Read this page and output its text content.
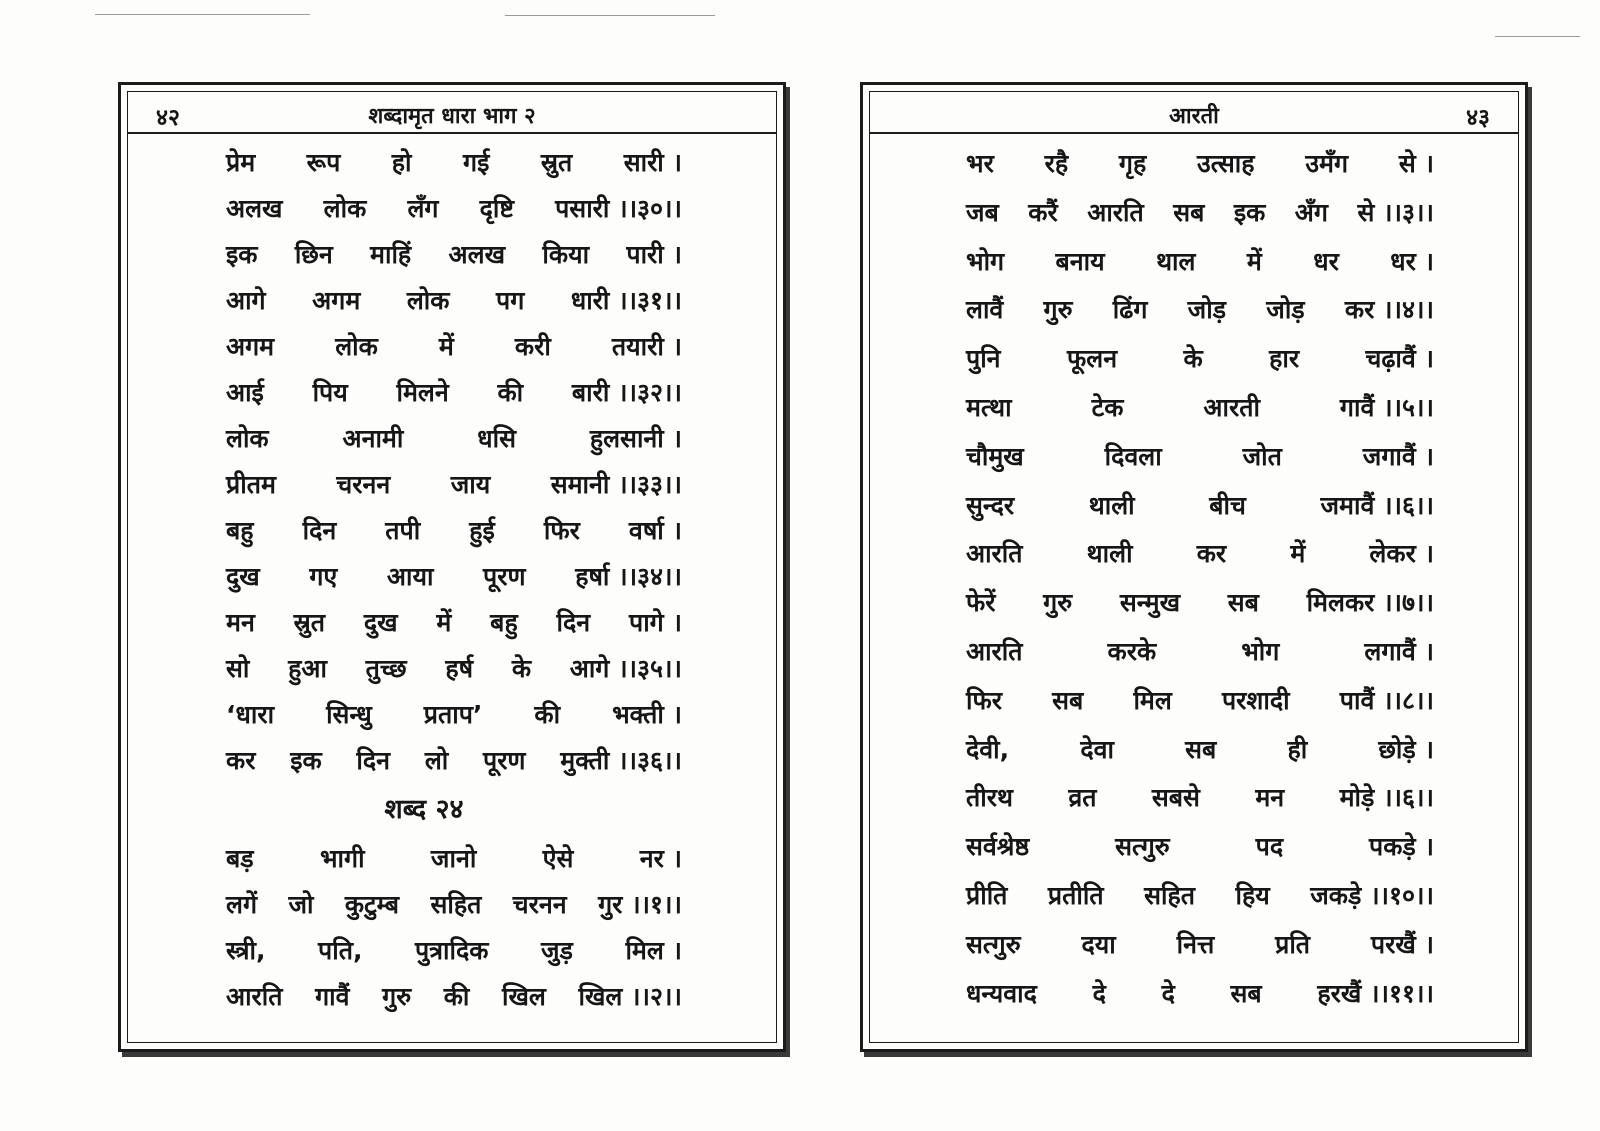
४२	शब्दामृत धारा भाग २
प्रेम रूप हो गई स्रुत सारी ।
अलख लोक लँग दृष्टि पसारी ।।३०।।
इक छिन माहिं अलख किया पारी ।
आगे अगम लोक पग धारी ।।३१।।
अगम लोक में करी तयारी ।
आई पिय मिलने की बारी ।।३२।।
लोक	अनामी	धसि	हुलसानी ।
प्रीतम चरनन जाय समानी ।।३३।।
बहु दिन तपी हुई फिर वर्षा ।
दुख गए आया पूरण हर्षा ।।३४।।
मन स्रुत दुख में बहु दिन पागे ।
सो हुआ तुच्छ हर्ष के आगे ।।३५।।
‘धारा सिन्धु प्रताप’ की भक्ती ।
कर इक दिन लो पूरण मुक्ती ।।३६।।
शब्द २४
बड़	भागी	जानो	ऐसे	नर ।
लगें जो कुटुम्ब सहित चरनन गुर ।।१।।
स्त्री, पति, पुत्रादिक जुड़ मिल ।
आरति गावैं गुरु की खिल खिल ।।२।।
आरती	४३
भर रहै गृह उत्साह उमँग से ।
जब करैं आरति सब इक अँग से ।।३।।
भोग बनाय थाल में धर धर ।
लावैं गुरु ढिंग जोड़ जोड़ कर ।।४।।
पुनि	फूलन	के	हार	चढ़ावैं ।
मत्था	टेक	आरती	गावैं ।।५।।
चौमुख	दिवला	जोत	जगावैं ।
सुन्दर	थाली	बीच	जमावैं ।।६।।
आरति	थाली	कर	में	लेकर ।
फेरें गुरु सन्मुख सब मिलकर ।।७।।
आरति	करके	भोग	लगावैं ।
फिर सब मिल परशादी पावैं ।।८।।
देवी,	देवा	सब	ही	छोड़े ।
तीरथ व्रत सबसे मन मोड़े ।।६।।
सर्वश्रेष्ठ	सत्गुरु	पद	पकड़े ।
प्रीति प्रतीति सहित हिय जकड़े ।।१०।।
सत्गुरु दया नित्त प्रति परखैं ।
धन्यवाद दे दे सब हरखैं ।।११।।
